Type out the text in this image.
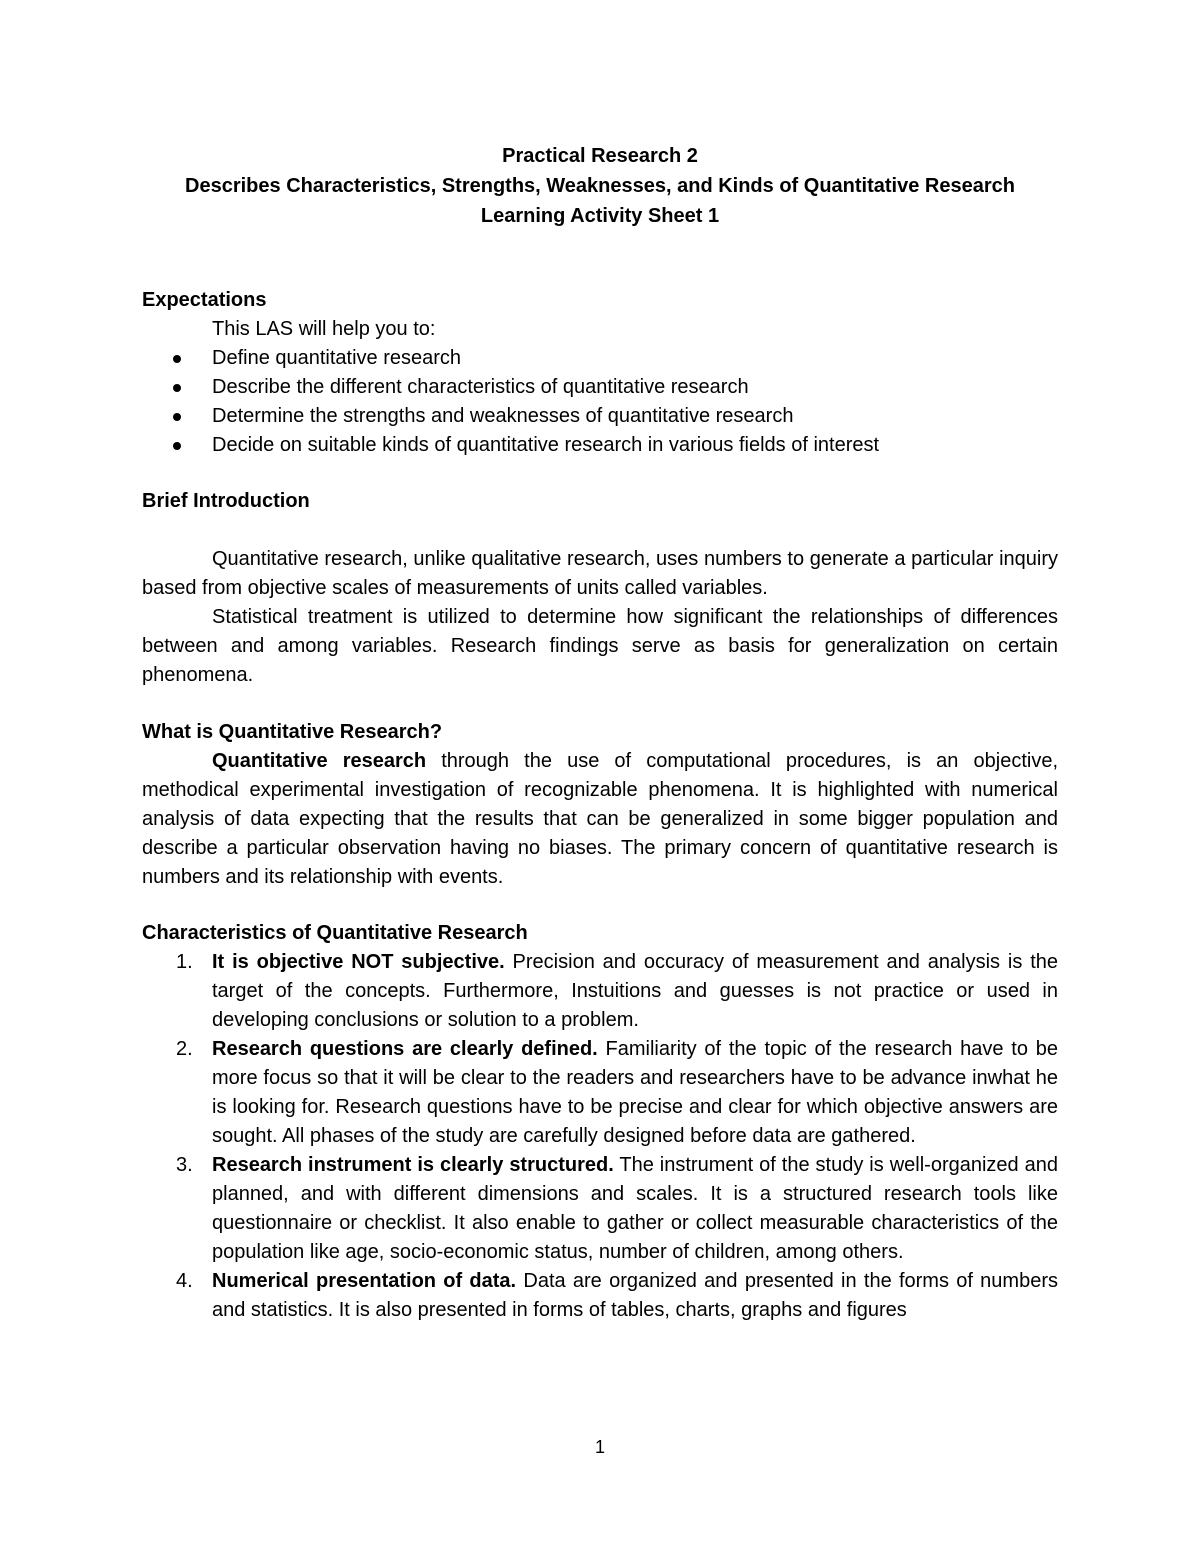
Practical Research 2
Describes Characteristics, Strengths, Weaknesses, and Kinds of Quantitative Research
Learning Activity Sheet 1
Expectations
This LAS will help you to:
Define quantitative research
Describe the different characteristics of quantitative research
Determine the strengths and weaknesses of quantitative research
Decide on suitable kinds of quantitative research in various fields of interest
Brief Introduction
Quantitative research, unlike qualitative research, uses numbers to generate a particular inquiry based from objective scales of measurements of units called variables.
Statistical treatment is utilized to determine how significant the relationships of differences between and among variables. Research findings serve as basis for generalization on certain phenomena.
What is Quantitative Research?
Quantitative research through the use of computational procedures, is an objective, methodical experimental investigation of recognizable phenomena. It is highlighted with numerical analysis of data expecting that the results that can be generalized in some bigger population and describe a particular observation having no biases. The primary concern of quantitative research is numbers and its relationship with events.
Characteristics of Quantitative Research
1. It is objective NOT subjective. Precision and occuracy of measurement and analysis is the target of the concepts. Furthermore, Instuitions and guesses is not practice or used in developing conclusions or solution to a problem.
2. Research questions are clearly defined. Familiarity of the topic of the research have to be more focus so that it will be clear to the readers and researchers have to be advance inwhat he is looking for. Research questions have to be precise and clear for which objective answers are sought. All phases of the study are carefully designed before data are gathered.
3. Research instrument is clearly structured. The instrument of the study is well-organized and planned, and with different dimensions and scales. It is a structured research tools like questionnaire or checklist. It also enable to gather or collect measurable characteristics of the population like age, socio-economic status, number of children, among others.
4. Numerical presentation of data. Data are organized and presented in the forms of numbers and statistics. It is also presented in forms of tables, charts, graphs and figures
1
